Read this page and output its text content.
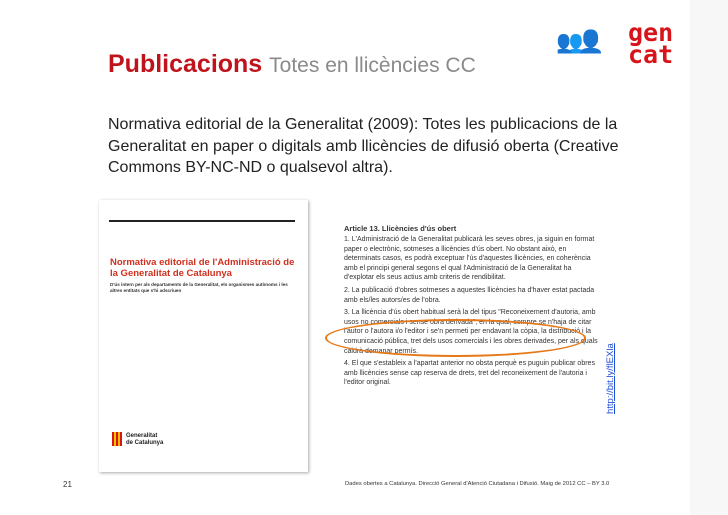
Publicacions Totes en llicències CC
👥👤 gen
cat
Normativa editorial de la Generalitat (2009): Totes les publicacions de la Generalitat en paper o digitals amb llicències de difusió oberta (Creative Commons BY-NC-ND o qualsevol altra).
Normativa editorial de l'Administració de la Generalitat de Catalunya
D'ús intern per als departaments de la Generalitat, els organismes autònoms i les altres entitats que s'hi adscriuen
Generalitat
de Catalunya
Article 13. Llicències d'ús obert

1. L'Administració de la Generalitat publicarà les seves obres, ja siguin en format paper o electrònic, sotmeses a llicències d'ús obert. No obstant això, en determinats casos, es podrà exceptuar l'ús d'aquestes llicències, en coherència amb el principi general segons el qual l'Administració de la Generalitat ha d'explotar els seus actius amb criteris de rendibilitat.

2. La publicació d'obres sotmeses a aquestes llicències ha d'haver estat pactada amb els/les autors/es de l'obra.

3. La llicència d'ús obert habitual serà la del tipus "Reconeixement d'autoria, amb usos no comercials i sense obra derivada", en la qual, sempre se n'haja de citar l'autor o l'autora i/o l'editor i se'n permeti per endavant la còpia, la distribució i la comunicació pública, tret dels usos comercials i les obres derivades, per als quals caldrà demanar permís.

4. El que s'estableix a l'apartat anterior no obsta perquè es puguin publicar obres amb llicències sense cap reserva de drets, tret del reconeixement de l'autoria i l'editor original.	http://bit.ly/flEXla
21	Dades obertes a Catalunya. Direcció General d'Atenció Ciutadana i Difusió. Maig de 2012 CC – BY 3.0
